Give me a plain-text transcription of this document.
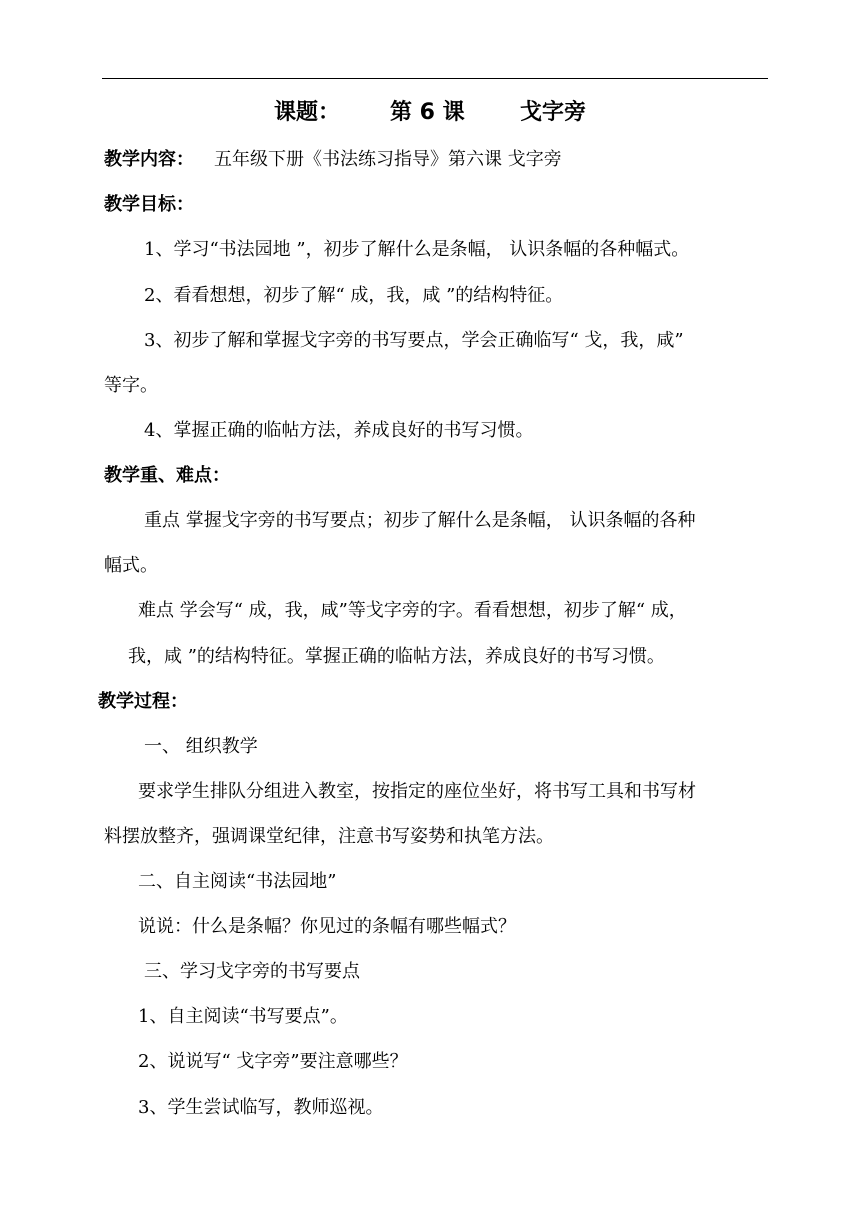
课题： 第 6 课	戈字旁
教学内容： 五年级下册《书法练习指导》第六课 戈字旁
教学目标：
1、学习“书法园地 ”，初步了解什么是条幅， 认识条幅的各种幅式。
2、看看想想，初步了解“ 成，我，咸 ”的结构特征。
3、初步了解和掌握戈字旁的书写要点，学会正确临写“ 戈，我，咸”
等字。
4、掌握正确的临帖方法，养成良好的书写习惯。
教学重、难点：
重点 掌握戈字旁的书写要点；初步了解什么是条幅， 认识条幅的各种
幅式。
难点 学会写“ 成，我，咸”等戈字旁的字。看看想想，初步了解“ 成，
我，咸 ”的结构特征。掌握正确的临帖方法，养成良好的书写习惯。
教学过程：
一、 组织教学
要求学生排队分组进入教室，按指定的座位坐好，将书写工具和书写材
料摆放整齐，强调课堂纪律，注意书写姿势和执笔方法。
二、自主阅读“书法园地”
说说：什么是条幅？你见过的条幅有哪些幅式？
三、学习戈字旁的书写要点
1、自主阅读“书写要点”。
2、说说写“ 戈字旁”要注意哪些？
3、学生尝试临写，教师巡视。
